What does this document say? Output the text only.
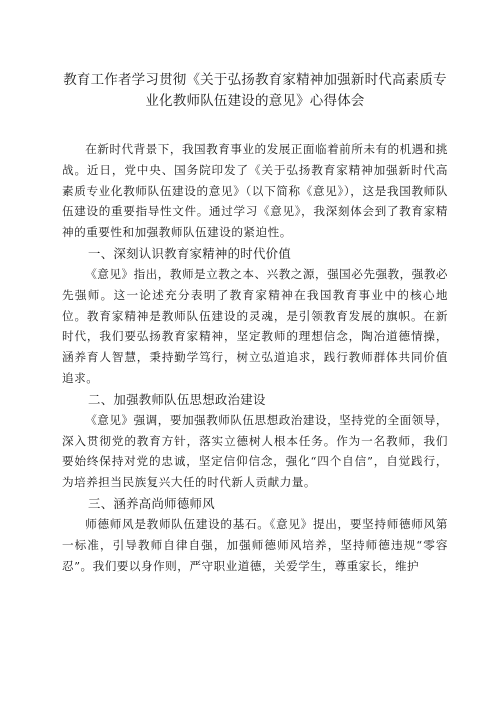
教育工作者学习贯彻《关于弘扬教育家精神加强新时代高素质专业化教师队伍建设的意见》心得体会

在新时代背景下，我国教育事业的发展正面临着前所未有的机遇和挑战。近日，党中央、国务院印发了《关于弘扬教育家精神加强新时代高素质专业化教师队伍建设的意见》（以下简称《意见》），这是我国教师队伍建设的重要指导性文件。通过学习《意见》，我深刻体会到了教育家精神的重要性和加强教师队伍建设的紧迫性。

一、深刻认识教育家精神的时代价值

《意见》指出，教师是立教之本、兴教之源，强国必先强教，强教必先强师。这一论述充分表明了教育家精神在我国教育事业中的核心地位。教育家精神是教师队伍建设的灵魂，是引领教育发展的旗帜。在新时代，我们要弘扬教育家精神，坚定教师的理想信念，陶冶道德情操，涵养育人智慧，秉持勤学笃行，树立弘道追求，践行教师群体共同价值追求。

二、加强教师队伍思想政治建设

《意见》强调，要加强教师队伍思想政治建设，坚持党的全面领导，深入贯彻党的教育方针，落实立德树人根本任务。作为一名教师，我们要始终保持对党的忠诚，坚定信仰信念，强化“四个自信”，自觉践行，为培养担当民族复兴大任的时代新人贡献力量。

三、涵养高尚师德师风

师德师风是教师队伍建设的基石。《意见》提出，要坚持师德师风第一标准，引导教师自律自强，加强师德师风培养，坚持师德违规“零容忍”。我们要以身作则，严守职业道德，关爱学生，尊重家长，维护
